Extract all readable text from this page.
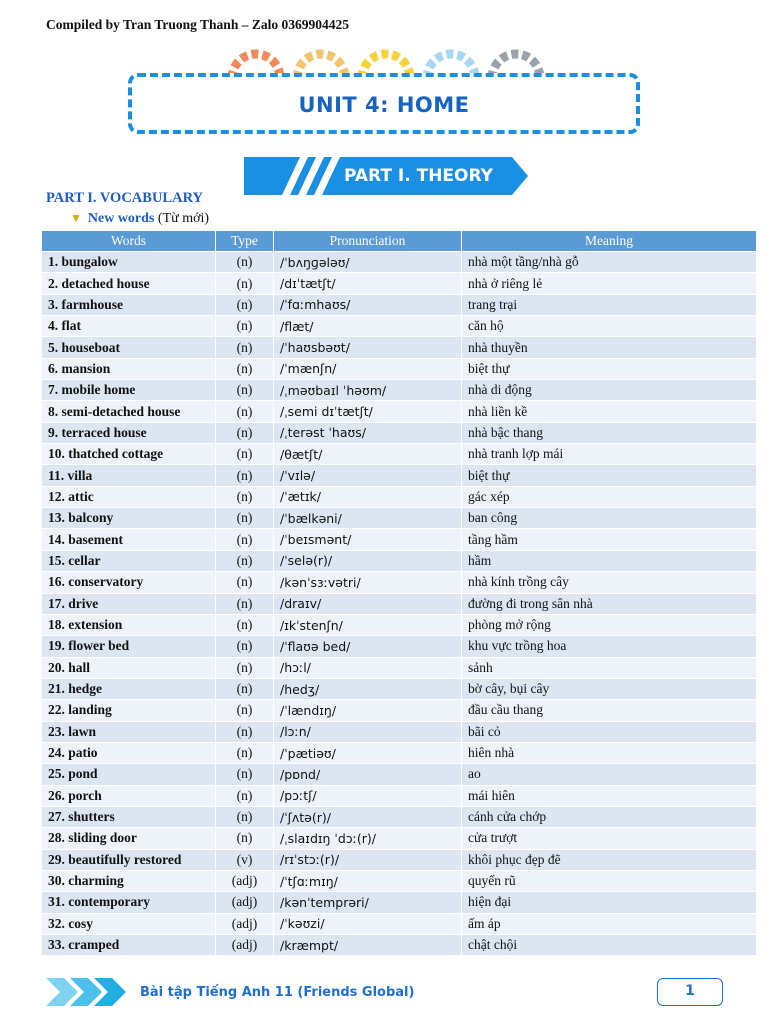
Compiled by Tran Truong Thanh – Zalo 0369904425
UNIT 4: HOME
PART I. THEORY
PART I. VOCABULARY
▼ New words (Từ mới)
Words	Type	Pronunciation	Meaning
1. bungalow	(n)	/ˈbʌŋɡələʊ/	nhà một tầng/nhà gỗ
2. detached house	(n)	/dɪˈtætʃt/	nhà ở riêng lẻ
3. farmhouse	(n)	/ˈfɑːmhaʊs/	trang trại
4. flat	(n)	/flæt/	căn hộ
5. houseboat	(n)	/ˈhaʊsbəʊt/	nhà thuyền
6. mansion	(n)	/ˈmænʃn/	biệt thự
7. mobile home	(n)	/ˌməʊbaɪl ˈhəʊm/	nhà di động
8. semi-detached house	(n)	/ˌsemi dɪˈtætʃt/	nhà liền kề
9. terraced house	(n)	/ˌterəst ˈhaʊs/	nhà bậc thang
10. thatched cottage	(n)	/θætʃt/	nhà tranh lợp mái
11. villa	(n)	/ˈvɪlə/	biệt thự
12. attic	(n)	/ˈætɪk/	gác xép
13. balcony	(n)	/ˈbælkəni/	ban công
14. basement	(n)	/ˈbeɪsmənt/	tầng hầm
15. cellar	(n)	/ˈselə(r)/	hầm
16. conservatory	(n)	/kənˈsɜːvətri/	nhà kính trồng cây
17. drive	(n)	/draɪv/	đường đi trong sân nhà
18. extension	(n)	/ɪkˈstenʃn/	phòng mở rộng
19. flower bed	(n)	/ˈflaʊə bed/	khu vực trồng hoa
20. hall	(n)	/hɔːl/	sảnh
21. hedge	(n)	/hedʒ/	bờ cây, bụi cây
22. landing	(n)	/ˈlændɪŋ/	đầu cầu thang
23. lawn	(n)	/lɔːn/	bãi cỏ
24. patio	(n)	/ˈpætiəʊ/	hiên nhà
25. pond	(n)	/pɒnd/	ao
26. porch	(n)	/pɔːtʃ/	mái hiên
27. shutters	(n)	/ˈʃʌtə(r)/	cánh cửa chớp
28. sliding door	(n)	/ˌslaɪdɪŋ ˈdɔː(r)/	cửa trượt
29. beautifully restored	(v)	/rɪˈstɔː(r)/	khôi phục đẹp đẽ
30. charming	(adj)	/ˈtʃɑːmɪŋ/	quyến rũ
31. contemporary	(adj)	/kənˈtemprəri/	hiện đại
32. cosy	(adj)	/ˈkəʊzi/	ấm áp
33. cramped	(adj)	/kræmpt/	chật chội
Bài tập Tiếng Anh 11 (Friends Global)	1
